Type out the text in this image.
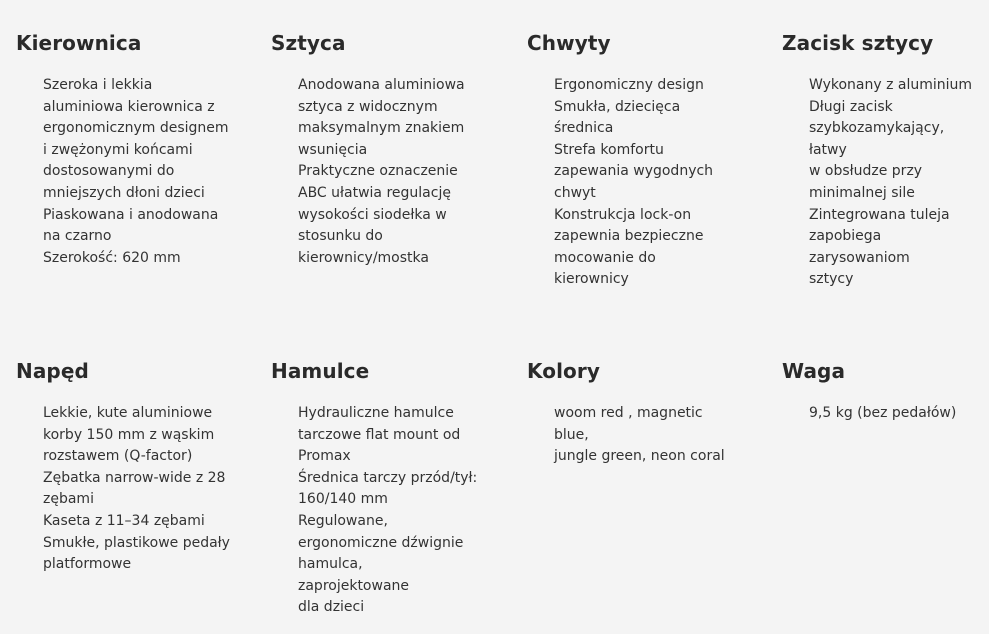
Kierownica
Szeroka i lekkia
aluminiowa kierownica z
ergonomicznym designem
i zwężonymi końcami
dostosowanymi do
mniejszych dłoni dzieci
Piaskowana i anodowana
na czarno
Szerokość: 620 mm
Sztyca
Anodowana aluminiowa
sztyca z widocznym
maksymalnym znakiem
wsunięcia
Praktyczne oznaczenie
ABC ułatwia regulację
wysokości siodełka w
stosunku do
kierownicy/mostka
Chwyty
Ergonomiczny design
Smukła, dziecięca
średnica
Strefa komfortu
zapewania wygodnych
chwyt
Konstrukcja lock-on
zapewnia bezpieczne
mocowanie do kierownicy
Zacisk sztycy
Wykonany z aluminium
Długi zacisk
szybkozamykający, łatwy
w obsłudze przy
minimalnej sile
Zintegrowana tuleja
zapobiega zarysowaniom
sztycy
Napęd
Lekkie, kute aluminiowe
korby 150 mm z wąskim
rozstawem (Q-factor)
Zębatka narrow-wide z 28
zębami
Kaseta z 11–34 zębami
Smukłe, plastikowe pedały
platformowe
Hamulce
Hydrauliczne hamulce
tarczowe flat mount od
Promax
Średnica tarczy przód/tył:
160/140 mm
Regulowane,
ergonomiczne dźwignie
hamulca, zaprojektowane
dla dzieci
Kolory
woom red , magnetic blue,
jungle green, neon coral
Waga
9,5 kg (bez pedałów)
